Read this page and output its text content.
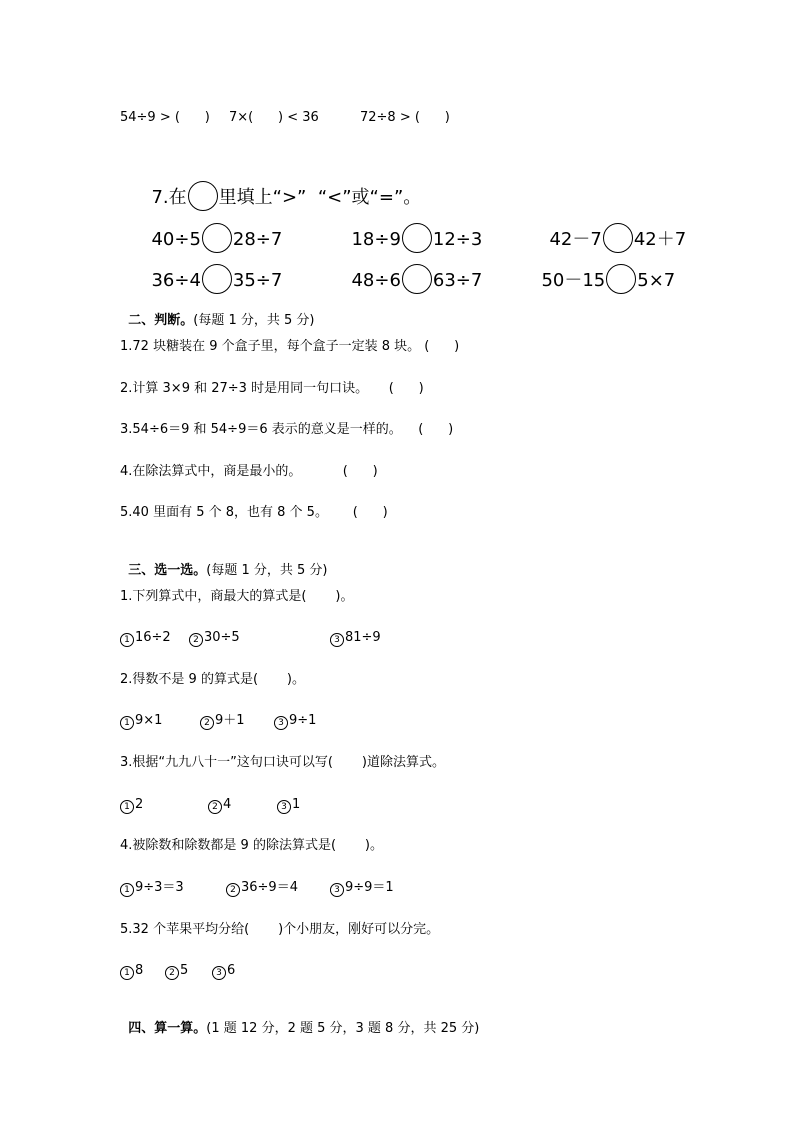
54÷9 > (      ) 7×(      ) < 36	72÷8 > (      )

7.在 里填上“>”  “<”或“=”。

40÷5 28÷7	18÷9 12÷3	42－7 42＋7

36÷4 35÷7	48÷6 63÷7	50－15 5×7

二、判断。(每题 1 分，共 5 分)

1.72 块糖装在 9 个盒子里，每个盒子一定装 8 块。 (      )
2.计算 3×9 和 27÷3 时是用同一句口诀。     (      )
3.54÷6＝9 和 54÷9＝6 表示的意义是一样的。    (      )
4.在除法算式中，商是最小的。          (      )
5.40 里面有 5 个 8，也有 8 个 5。      (      )

三、选一选。(每题 1 分，共 5 分)

1.下列算式中，商最大的算式是(       )。
1 16÷2	2 30÷5	3 81÷9
2.得数不是 9 的算式是(       )。
1 9×1	2 9＋1	3 9÷1
3.根据“九九八十一”这句口诀可以写(       )道除法算式。
1 2	2 4	3 1
4.被除数和除数都是 9 的除法算式是(       )。
1 9÷3＝3	2 36÷9＝4	3 9÷9＝1
5.32 个苹果平均分给(       )个小朋友，刚好可以分完。
1 8	2 5	3 6

四、算一算。(1 题 12 分，2 题 5 分，3 题 8 分，共 25 分)
